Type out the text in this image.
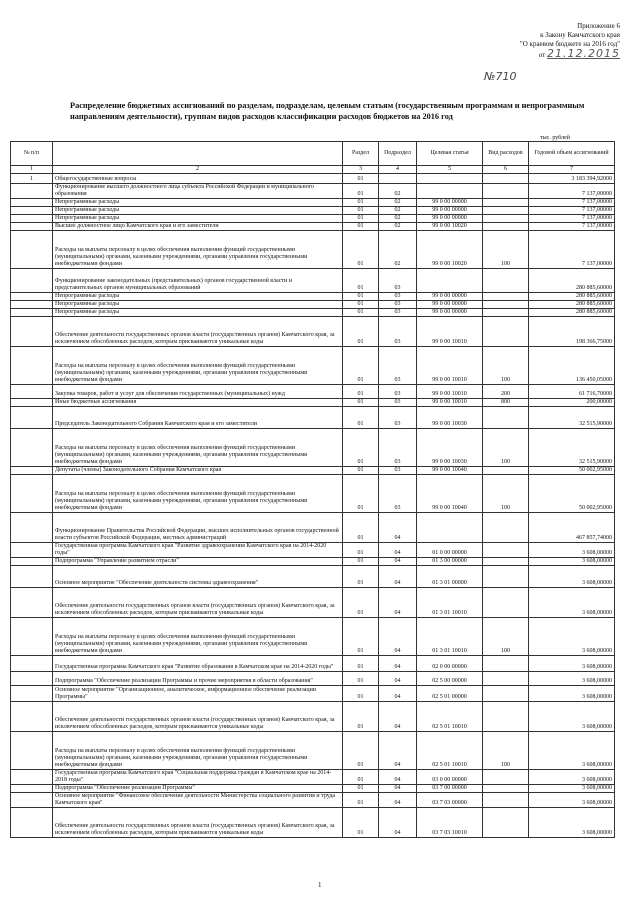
Приложение 6
к Закону Камчатского края
"О краевом бюджете на 2016 год"
от 21.12.2015
№710
Распределение бюджетных ассигнований по разделам, подразделам, целевым статьям (государственным программам и непрограммным направлениям деятельности), группам видов расходов классификации расходов бюджетов на 2016 год
тыс. рублей
№ п/п		Раздел	Подраздел	Целевая статья	Вид расходов	Годовой объем ассигнований
1	2	3	4	5	6	7
1	Общегосударственные вопросы	01				3 183 394,92000
	Функционирование высшего должностного лица субъекта Российской Федерации и муниципального образования	01	02			7 137,00000
	Непрограммные расходы	01	02	99 0 00 00000		7 137,00000
	Непрограммные расходы	01	02	99 0 00 00000		7 137,00000
	Непрограммные расходы	01	02	99 0 00 00000		7 137,00000
	Высшее должностное лицо Камчатского края и его заместители	01	02	99 0 00 10020		7 137,00000
	Расходы на выплаты персоналу в целях обеспечения выполнения функций государственными (муниципальными) органами, казенными учреждениями, органами управления государственными внебюджетными фондами	01	02	99 0 00 10020	100	7 137,00000
	Функционирование законодательных (представительных) органов государственной власти и представительных органов муниципальных образований	01	03			280 885,60000
	Непрограммные расходы	01	03	99 0 00 00000		280 885,60000
	Непрограммные расходы	01	03	99 0 00 00000		280 885,60000
	Непрограммные расходы	01	03	99 0 00 00000		280 885,60000
	Обеспечение деятельности государственных органов власти (государственных органов) Камчатского края, за исключением обособленных расходов, которым присваиваются уникальные коды	01	03	99 0 00 10010		198 366,75000
	Расходы на выплаты персоналу в целях обеспечения выполнения функций государственными (муниципальными) органами, казенными учреждениями, органами управления государственными внебюджетными фондами	01	03	99 0 00 10010	100	136 450,05000
	Закупка товаров, работ и услуг для обеспечения государственных (муниципальных) нужд	01	03	99 0 00 10010	200	61 716,70000
	Иные бюджетные ассигнования	01	03	99 0 00 10010	800	200,00000
	Председатель Законодательного Собрания Камчатского края и его заместители	01	03	99 0 00 10030		32 515,90000
	Расходы на выплаты персоналу в целях обеспечения выполнения функций государственными (муниципальными) органами, казенными учреждениями, органами управления государственными внебюджетными фондами	01	03	99 0 00 10030	100	32 515,90000
	Депутаты (члены) Законодательного Собрания Камчатского края	01	03	99 0 00 10040		50 002,95000
	Расходы на выплаты персоналу в целях обеспечения выполнения функций государственными (муниципальными) органами, казенными учреждениями, органами управления государственными внебюджетными фондами	01	03	99 0 00 10040	100	50 002,95000
	Функционирование Правительства Российской Федерации, высших исполнительных органов государственной власти субъектов Российской Федерации, местных администраций	01	04			467 857,74000
	Государственная программа Камчатского края "Развитие здравоохранения Камчатского края на 2014-2020 годы"	01	04	01 0 00 00000		3 608,00000
	Подпрограмма "Управление развитием отрасли"	01	04	01 3 00 00000		3 608,00000
	Основное мероприятие "Обеспечение деятельности системы здравоохранения"	01	04	01 3 01 00000		3 608,00000
	Обеспечение деятельности государственных органов власти (государственных органов) Камчатского края, за исключением обособленных расходов, которым присваиваются уникальные коды	01	04	01 3 01 10010		3 608,00000
	Расходы на выплаты персоналу в целях обеспечения выполнения функций государственными (муниципальными) органами, казенными учреждениями, органами управления государственными внебюджетными фондами	01	04	01 3 01 10010	100	3 608,00000
	Государственная программа Камчатского края "Развитие образования в Камчатском крае на 2014-2020 годы"	01	04	02 0 00 00000		3 608,00000
	Подпрограмма "Обеспечение реализации Программы и прочие мероприятия в области образования"	01	04	02 5 00 00000		3 608,00000
	Основное мероприятие "Организационное, аналитическое, информационное обеспечение реализации Программы"	01	04	02 5 01 00000		3 608,00000
	Обеспечение деятельности государственных органов власти (государственных органов) Камчатского края, за исключением обособленных расходов, которым присваиваются уникальные коды	01	04	02 5 01 10010		3 608,00000
	Расходы на выплаты персоналу в целях обеспечения выполнения функций государственными (муниципальными) органами, казенными учреждениями, органами управления государственными внебюджетными фондами	01	04	02 5 01 10010	100	3 608,00000
	Государственная программа Камчатского края "Социальная поддержка граждан в Камчатском крае на 2014-2018 годы"	01	04	03 0 00 00000		3 608,00000
	Подпрограмма "Обеспечение реализации Программы"	01	04	03 7 00 00000		3 608,00000
	Основное мероприятие "Финансовое обеспечение деятельности Министерства социального развития и труда Камчатского края"	01	04	03 7 03 00000		3 608,00000
	Обеспечение деятельности государственных органов власти (государственных органов) Камчатского края, за исключением обособленных расходов, которым присваиваются уникальные коды	01	04	03 7 03 10010		3 608,00000
1
